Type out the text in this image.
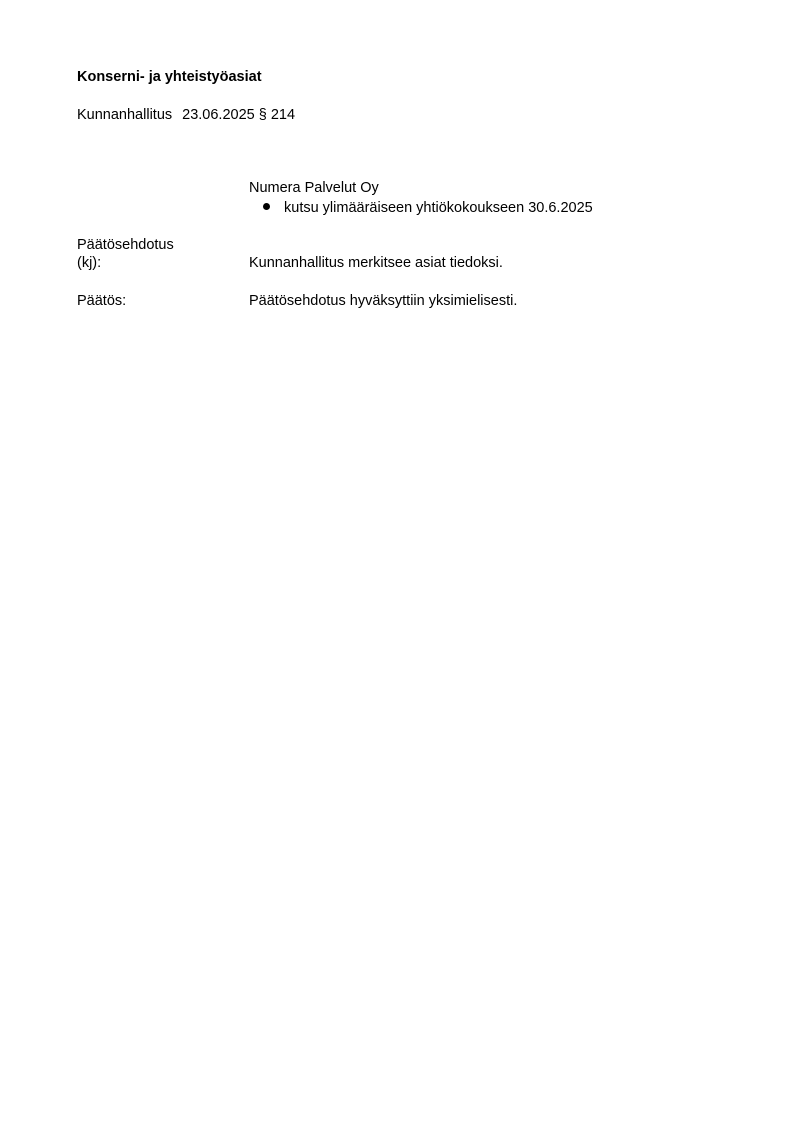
Konserni- ja yhteistyöasiat
Kunnanhallitus 23.06.2025 § 214
Numera Palvelut Oy
kutsu ylimääräiseen yhtiökokoukseen 30.6.2025
Päätösehdotus
(kj):	Kunnanhallitus merkitsee asiat tiedoksi.
Päätös:	Päätösehdotus hyväksyttiin yksimielisesti.
